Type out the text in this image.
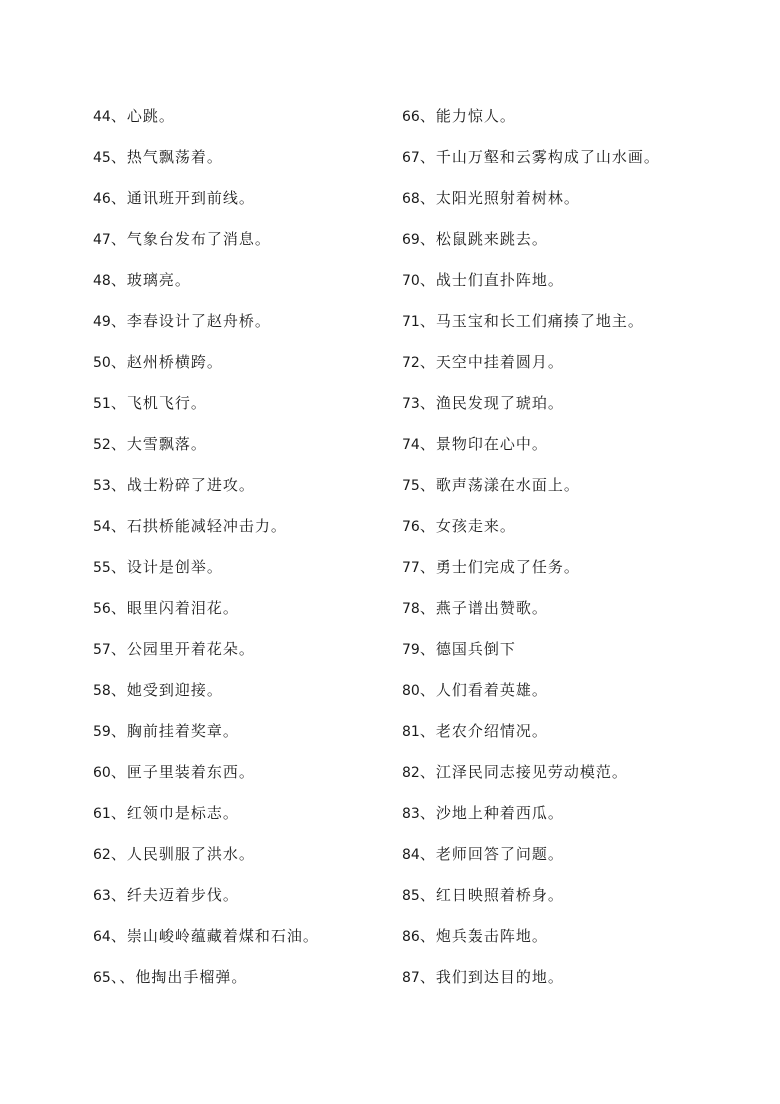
44、心跳。
45、热气飘荡着。
46、通讯班开到前线。
47、气象台发布了消息。
48、玻璃亮。
49、李春设计了赵舟桥。
50、赵州桥横跨。
51、飞机飞行。
52、大雪飘落。
53、战士粉碎了进攻。
54、石拱桥能减轻冲击力。
55、设计是创举。
56、眼里闪着泪花。
57、公园里开着花朵。
58、她受到迎接。
59、胸前挂着奖章。
60、匣子里装着东西。
61、红领巾是标志。
62、人民驯服了洪水。
63、纤夫迈着步伐。
64、崇山峻岭蕴藏着煤和石油。
65、、他掏出手榴弹。
66、能力惊人。
67、千山万壑和云雾构成了山水画。
68、太阳光照射着树林。
69、松鼠跳来跳去。
70、战士们直扑阵地。
71、马玉宝和长工们痛揍了地主。
72、天空中挂着圆月。
73、渔民发现了琥珀。
74、景物印在心中。
75、歌声荡漾在水面上。
76、女孩走来。
77、勇士们完成了任务。
78、燕子谱出赞歌。
79、德国兵倒下
80、人们看着英雄。
81、老农介绍情况。
82、江泽民同志接见劳动模范。
83、沙地上种着西瓜。
84、老师回答了问题。
85、红日映照着桥身。
86、炮兵轰击阵地。
87、我们到达目的地。
